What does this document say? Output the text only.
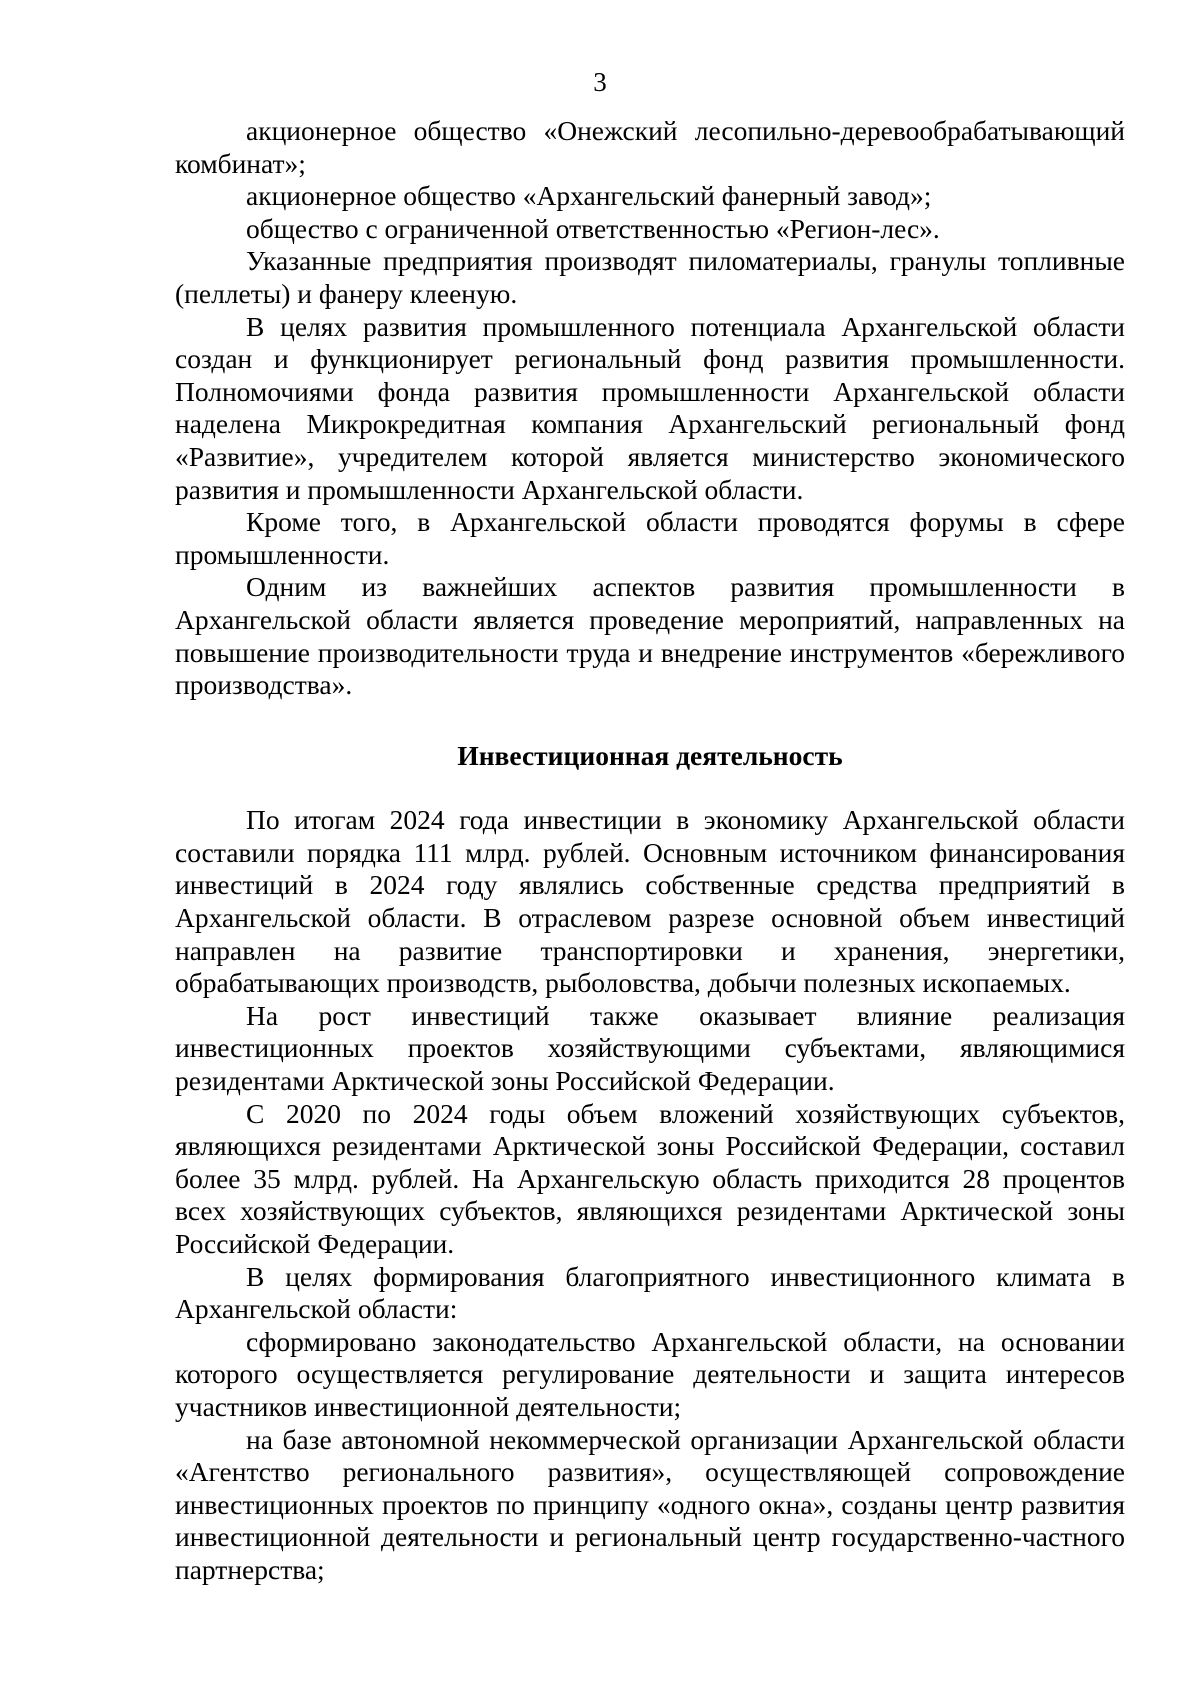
3

акционерное общество «Онежский лесопильно-деревообрабатывающий комбинат»;

акционерное общество «Архангельский фанерный завод»;

общество с ограниченной ответственностью «Регион-лес».

Указанные предприятия производят пиломатериалы, гранулы топливные (пеллеты) и фанеру клееную.

В целях развития промышленного потенциала Архангельской области создан и функционирует региональный фонд развития промышленности. Полномочиями фонда развития промышленности Архангельской области наделена Микрокредитная компания Архангельский региональный фонд «Развитие», учредителем которой является министерство экономического развития и промышленности Архангельской области.

Кроме того, в Архангельской области проводятся форумы в сфере промышленности.

Одним из важнейших аспектов развития промышленности в Архангельской области является проведение мероприятий, направленных на повышение производительности труда и внедрение инструментов «бережливого производства».

Инвестиционная деятельность

По итогам 2024 года инвестиции в экономику Архангельской области составили порядка 111 млрд. рублей. Основным источником финансирования инвестиций в 2024 году являлись собственные средства предприятий в Архангельской области. В отраслевом разрезе основной объем инвестиций направлен на развитие транспортировки и хранения, энергетики, обрабатывающих производств, рыболовства, добычи полезных ископаемых.

На рост инвестиций также оказывает влияние реализация инвестиционных проектов хозяйствующими субъектами, являющимися резидентами Арктической зоны Российской Федерации.

С 2020 по 2024 годы объем вложений хозяйствующих субъектов, являющихся резидентами Арктической зоны Российской Федерации, составил более 35 млрд. рублей. На Архангельскую область приходится 28 процентов всех хозяйствующих субъектов, являющихся резидентами Арктической зоны Российской Федерации.

В целях формирования благоприятного инвестиционного климата в Архангельской области:

сформировано законодательство Архангельской области, на основании которого осуществляется регулирование деятельности и защита интересов участников инвестиционной деятельности;

на базе автономной некоммерческой организации Архангельской области «Агентство регионального развития», осуществляющей сопровождение инвестиционных проектов по принципу «одного окна», созданы центр развития инвестиционной деятельности и региональный центр государственно-частного партнерства;
